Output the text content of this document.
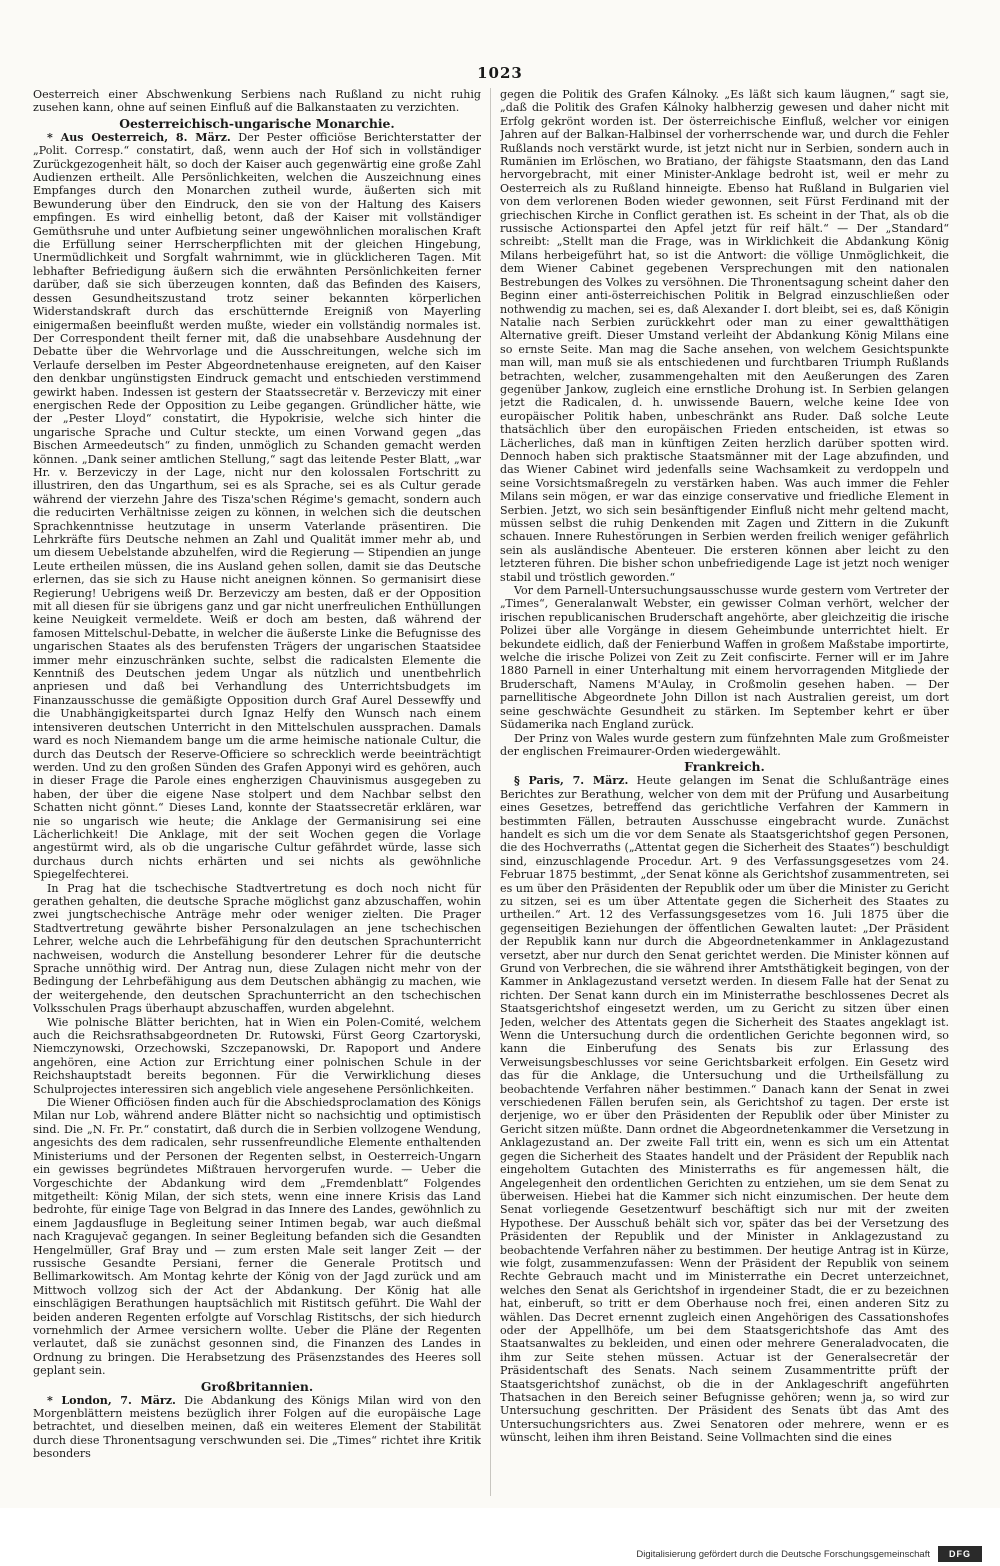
1023

Oesterreich einer Abschwenkung Serbiens nach Rußland zu nicht ruhig zusehen kann, ohne auf seinen Einfluß auf die Balkanstaaten zu verzichten.

Oesterreichisch-ungarische Monarchie.

* Aus Oesterreich, 8. März. Der Pester officiöse Berichterstatter der „Polit. Corresp.“ constatirt, daß, wenn auch der Hof sich in vollständiger Zurückgezogenheit hält, so doch der Kaiser auch gegenwärtig eine große Zahl Audienzen ertheilt. Alle Persönlichkeiten, welchen die Auszeichnung eines Empfanges durch den Monarchen zutheil wurde, äußerten sich mit Bewunderung über den Eindruck, den sie von der Haltung des Kaisers empfingen. Es wird einhellig betont, daß der Kaiser mit vollständiger Gemüthsruhe und unter Aufbietung seiner ungewöhnlichen moralischen Kraft die Erfüllung seiner Herrscherpflichten mit der gleichen Hingebung, Unermüdlichkeit und Sorgfalt wahrnimmt, wie in glücklicheren Tagen. Mit lebhafter Befriedigung äußern sich die erwähnten Persönlichkeiten ferner darüber, daß sie sich überzeugen konnten, daß das Befinden des Kaisers, dessen Gesundheitszustand trotz seiner bekannten körperlichen Widerstandskraft durch das erschütternde Ereigniß von Mayerling einigermaßen beeinflußt werden mußte, wieder ein vollständig normales ist. Der Correspondent theilt ferner mit, daß die unabsehbare Ausdehnung der Debatte über die Wehrvorlage und die Ausschreitungen, welche sich im Verlaufe derselben im Pester Abgeordnetenhause ereigneten, auf den Kaiser den denkbar ungünstigsten Eindruck gemacht und entschieden verstimmend gewirkt haben. Indessen ist gestern der Staatssecretär v. Berzeviczy mit einer energischen Rede der Opposition zu Leibe gegangen. Gründlicher hätte, wie der „Pester Lloyd“ constatirt, die Hypokrisie, welche sich hinter die ungarische Sprache und Cultur steckte, um einen Vorwand gegen „das Bischen Armeedeutsch“ zu finden, unmöglich zu Schanden gemacht werden können. „Dank seiner amtlichen Stellung,“ sagt das leitende Pester Blatt, „war Hr. v. Berzeviczy in der Lage, nicht nur den kolossalen Fortschritt zu illustriren, den das Ungarthum, sei es als Sprache, sei es als Cultur gerade während der vierzehn Jahre des Tisza'schen Régime's gemacht, sondern auch die reducirten Verhältnisse zeigen zu können, in welchen sich die deutschen Sprachkenntnisse heutzutage in unserm Vaterlande präsentiren. Die Lehrkräfte fürs Deutsche nehmen an Zahl und Qualität immer mehr ab, und um diesem Uebelstande abzuhelfen, wird die Regierung — Stipendien an junge Leute ertheilen müssen, die ins Ausland gehen sollen, damit sie das Deutsche erlernen, das sie sich zu Hause nicht aneignen können. So germanisirt diese Regierung! Uebrigens weiß Dr. Berzeviczy am besten, daß er der Opposition mit all diesen für sie übrigens ganz und gar nicht unerfreulichen Enthüllungen keine Neuigkeit vermeldete. Weiß er doch am besten, daß während der famosen Mittelschul-Debatte, in welcher die äußerste Linke die Befugnisse des ungarischen Staates als des berufensten Trägers der ungarischen Staatsidee immer mehr einzuschränken suchte, selbst die radicalsten Elemente die Kenntniß des Deutschen jedem Ungar als nützlich und unentbehrlich anpriesen und daß bei Verhandlung des Unterrichtsbudgets im Finanzausschusse die gemäßigte Opposition durch Graf Aurel Dessewffy und die Unabhängigkeitspartei durch Ignaz Helfy den Wunsch nach einem intensiveren deutschen Unterricht in den Mittelschulen aussprachen. Damals ward es noch Niemandem bange um die arme heimische nationale Cultur, die durch das Deutsch der Reserve-Officiere so schrecklich werde beeinträchtigt werden. Und zu den großen Sünden des Grafen Apponyi wird es gehören, auch in dieser Frage die Parole eines engherzigen Chauvinismus ausgegeben zu haben, der über die eigene Nase stolpert und dem Nachbar selbst den Schatten nicht gönnt.“ Dieses Land, konnte der Staatssecretär erklären, war nie so ungarisch wie heute; die Anklage der Germanisirung sei eine Lächerlichkeit! Die Anklage, mit der seit Wochen gegen die Vorlage angestürmt wird, als ob die ungarische Cultur gefährdet würde, lasse sich durchaus durch nichts erhärten und sei nichts als gewöhnliche Spiegelfechterei.

In Prag hat die tschechische Stadtvertretung es doch noch nicht für gerathen gehalten, die deutsche Sprache möglichst ganz abzuschaffen, wohin zwei jungtschechische Anträge mehr oder weniger zielten. Die Prager Stadtvertretung gewährte bisher Personalzulagen an jene tschechischen Lehrer, welche auch die Lehrbefähigung für den deutschen Sprachunterricht nachweisen, wodurch die Anstellung besonderer Lehrer für die deutsche Sprache unnöthig wird. Der Antrag nun, diese Zulagen nicht mehr von der Bedingung der Lehrbefähigung aus dem Deutschen abhängig zu machen, wie der weitergehende, den deutschen Sprachunterricht an den tschechischen Volksschulen Prags überhaupt abzuschaffen, wurden abgelehnt.

Wie polnische Blätter berichten, hat in Wien ein Polen-Comité, welchem auch die Reichsrathsabgeordneten Dr. Rutowski, Fürst Georg Czartoryski, Niemczynowski, Orzechowski, Szczepanowski, Dr. Rapoport und Andere angehören, eine Action zur Errichtung einer polnischen Schule in der Reichshauptstadt bereits begonnen. Für die Verwirklichung dieses Schulprojectes interessiren sich angeblich viele angesehene Persönlichkeiten.

Die Wiener Officiösen finden auch für die Abschiedsproclamation des Königs Milan nur Lob, während andere Blätter nicht so nachsichtig und optimistisch sind. Die „N. Fr. Pr.“ constatirt, daß durch die in Serbien vollzogene Wendung, angesichts des dem radicalen, sehr russenfreundliche Elemente enthaltenden Ministeriums und der Personen der Regenten selbst, in Oesterreich-Ungarn ein gewisses begründetes Mißtrauen hervorgerufen wurde. — Ueber die Vorgeschichte der Abdankung wird dem „Fremdenblatt“ Folgendes mitgetheilt: König Milan, der sich stets, wenn eine innere Krisis das Land bedrohte, für einige Tage von Belgrad in das Innere des Landes, gewöhnlich zu einem Jagdausfluge in Begleitung seiner Intimen begab, war auch dießmal nach Kragujevač gegangen. In seiner Begleitung befanden sich die Gesandten Hengelmüller, Graf Bray und — zum ersten Male seit langer Zeit — der russische Gesandte Persiani, ferner die Generale Protitsch und Bellimarkowitsch. Am Montag kehrte der König von der Jagd zurück und am Mittwoch vollzog sich der Act der Abdankung. Der König hat alle einschlägigen Berathungen hauptsächlich mit Ristitsch geführt. Die Wahl der beiden anderen Regenten erfolgte auf Vorschlag Ristitschs, der sich hiedurch vornehmlich der Armee versichern wollte. Ueber die Pläne der Regenten verlautet, daß sie zunächst gesonnen sind, die Finanzen des Landes in Ordnung zu bringen. Die Herabsetzung des Präsenzstandes des Heeres soll geplant sein.

Großbritannien.

* London, 7. März. Die Abdankung des Königs Milan wird von den Morgenblättern meistens bezüglich ihrer Folgen auf die europäische Lage betrachtet, und dieselben meinen, daß ein weiteres Element der Stabilität durch diese Thronentsagung verschwunden sei. Die „Times“ richtet ihre Kritik besonders

gegen die Politik des Grafen Kálnoky. „Es läßt sich kaum läugnen,“ sagt sie, „daß die Politik des Grafen Kálnoky halbherzig gewesen und daher nicht mit Erfolg gekrönt worden ist. Der österreichische Einfluß, welcher vor einigen Jahren auf der Balkan-Halbinsel der vorherrschende war, und durch die Fehler Rußlands noch verstärkt wurde, ist jetzt nicht nur in Serbien, sondern auch in Rumänien im Erlöschen, wo Bratiano, der fähigste Staatsmann, den das Land hervorgebracht, mit einer Minister-Anklage bedroht ist, weil er mehr zu Oesterreich als zu Rußland hinneigte. Ebenso hat Rußland in Bulgarien viel von dem verlorenen Boden wieder gewonnen, seit Fürst Ferdinand mit der griechischen Kirche in Conflict gerathen ist. Es scheint in der That, als ob die russische Actionspartei den Apfel jetzt für reif hält.“ — Der „Standard“ schreibt: „Stellt man die Frage, was in Wirklichkeit die Abdankung König Milans herbeigeführt hat, so ist die Antwort: die völlige Unmöglichkeit, die dem Wiener Cabinet gegebenen Versprechungen mit den nationalen Bestrebungen des Volkes zu versöhnen. Die Thronentsagung scheint daher den Beginn einer anti-österreichischen Politik in Belgrad einzuschließen oder nothwendig zu machen, sei es, daß Alexander I. dort bleibt, sei es, daß Königin Natalie nach Serbien zurückkehrt oder man zu einer gewaltthätigen Alternative greift. Dieser Umstand verleiht der Abdankung König Milans eine so ernste Seite. Man mag die Sache ansehen, von welchem Gesichtspunkte man will, man muß sie als entschiedenen und furchtbaren Triumph Rußlands betrachten, welcher, zusammengehalten mit den Aeußerungen des Zaren gegenüber Jankow, zugleich eine ernstliche Drohung ist. In Serbien gelangen jetzt die Radicalen, d. h. unwissende Bauern, welche keine Idee von europäischer Politik haben, unbeschränkt ans Ruder. Daß solche Leute thatsächlich über den europäischen Frieden entscheiden, ist etwas so Lächerliches, daß man in künftigen Zeiten herzlich darüber spotten wird. Dennoch haben sich praktische Staatsmänner mit der Lage abzufinden, und das Wiener Cabinet wird jedenfalls seine Wachsamkeit zu verdoppeln und seine Vorsichtsmaßregeln zu verstärken haben. Was auch immer die Fehler Milans sein mögen, er war das einzige conservative und friedliche Element in Serbien. Jetzt, wo sich sein besänftigender Einfluß nicht mehr geltend macht, müssen selbst die ruhig Denkenden mit Zagen und Zittern in die Zukunft schauen. Innere Ruhestörungen in Serbien werden freilich weniger gefährlich sein als ausländische Abenteuer. Die ersteren können aber leicht zu den letzteren führen. Die bisher schon unbefriedigende Lage ist jetzt noch weniger stabil und tröstlich geworden.“

Vor dem Parnell-Untersuchungsausschusse wurde gestern vom Vertreter der „Times“, Generalanwalt Webster, ein gewisser Colman verhört, welcher der irischen republicanischen Bruderschaft angehörte, aber gleichzeitig die irische Polizei über alle Vorgänge in diesem Geheimbunde unterrichtet hielt. Er bekundete eidlich, daß der Fenierbund Waffen in großem Maßstabe importirte, welche die irische Polizei von Zeit zu Zeit confiscirte. Ferner will er im Jahre 1880 Parnell in einer Unterhaltung mit einem hervorragenden Mitgliede der Bruderschaft, Namens M'Aulay, in Croßmolin gesehen haben. — Der parnellitische Abgeordnete John Dillon ist nach Australien gereist, um dort seine geschwächte Gesundheit zu stärken. Im September kehrt er über Südamerika nach England zurück.

Der Prinz von Wales wurde gestern zum fünfzehnten Male zum Großmeister der englischen Freimaurer-Orden wiedergewählt.

Frankreich.

§ Paris, 7. März. Heute gelangen im Senat die Schlußanträge eines Berichtes zur Berathung, welcher von dem mit der Prüfung und Ausarbeitung eines Gesetzes, betreffend das gerichtliche Verfahren der Kammern in bestimmten Fällen, betrauten Ausschusse eingebracht wurde. Zunächst handelt es sich um die vor dem Senate als Staatsgerichtshof gegen Personen, die des Hochverraths („Attentat gegen die Sicherheit des Staates“) beschuldigt sind, einzuschlagende Procedur. Art. 9 des Verfassungsgesetzes vom 24. Februar 1875 bestimmt, „der Senat könne als Gerichtshof zusammentreten, sei es um über den Präsidenten der Republik oder um über die Minister zu Gericht zu sitzen, sei es um über Attentate gegen die Sicherheit des Staates zu urtheilen.“ Art. 12 des Verfassungsgesetzes vom 16. Juli 1875 über die gegenseitigen Beziehungen der öffentlichen Gewalten lautet: „Der Präsident der Republik kann nur durch die Abgeordnetenkammer in Anklagezustand versetzt, aber nur durch den Senat gerichtet werden. Die Minister können auf Grund von Verbrechen, die sie während ihrer Amtsthätigkeit begingen, von der Kammer in Anklagezustand versetzt werden. In diesem Falle hat der Senat zu richten. Der Senat kann durch ein im Ministerrathe beschlossenes Decret als Staatsgerichtshof eingesetzt werden, um zu Gericht zu sitzen über einen Jeden, welcher des Attentats gegen die Sicherheit des Staates angeklagt ist. Wenn die Untersuchung durch die ordentlichen Gerichte begonnen wird, so kann die Einberufung des Senats bis zur Erlassung des Verweisungsbeschlusses vor seine Gerichtsbarkeit erfolgen. Ein Gesetz wird das für die Anklage, die Untersuchung und die Urtheilsfällung zu beobachtende Verfahren näher bestimmen.“ Danach kann der Senat in zwei verschiedenen Fällen berufen sein, als Gerichtshof zu tagen. Der erste ist derjenige, wo er über den Präsidenten der Republik oder über Minister zu Gericht sitzen müßte. Dann ordnet die Abgeordnetenkammer die Versetzung in Anklagezustand an. Der zweite Fall tritt ein, wenn es sich um ein Attentat gegen die Sicherheit des Staates handelt und der Präsident der Republik nach eingeholtem Gutachten des Ministerraths es für angemessen hält, die Angelegenheit den ordentlichen Gerichten zu entziehen, um sie dem Senat zu überweisen. Hiebei hat die Kammer sich nicht einzumischen. Der heute dem Senat vorliegende Gesetzentwurf beschäftigt sich nur mit der zweiten Hypothese. Der Ausschuß behält sich vor, später das bei der Versetzung des Präsidenten der Republik und der Minister in Anklagezustand zu beobachtende Verfahren näher zu bestimmen. Der heutige Antrag ist in Kürze, wie folgt, zusammenzufassen: Wenn der Präsident der Republik von seinem Rechte Gebrauch macht und im Ministerrathe ein Decret unterzeichnet, welches den Senat als Gerichtshof in irgendeiner Stadt, die er zu bezeichnen hat, einberuft, so tritt er dem Oberhause noch frei, einen anderen Sitz zu wählen. Das Decret ernennt zugleich einen Angehörigen des Cassationshofes oder der Appellhöfe, um bei dem Staatsgerichtshofe das Amt des Staatsanwaltes zu bekleiden, und einen oder mehrere Generaladvocaten, die ihm zur Seite stehen müssen. Actuar ist der Generalsecretär der Präsidentschaft des Senats. Nach seinem Zusammentritte prüft der Staatsgerichtshof zunächst, ob die in der Anklageschrift angeführten Thatsachen in den Bereich seiner Befugnisse gehören; wenn ja, so wird zur Untersuchung geschritten. Der Präsident des Senats übt das Amt des Untersuchungsrichters aus. Zwei Senatoren oder mehrere, wenn er es wünscht, leihen ihm ihren Beistand. Seine Vollmachten sind die eines

Digitalisierung gefördert durch die Deutsche Forschungsgemeinschaft	DFG
